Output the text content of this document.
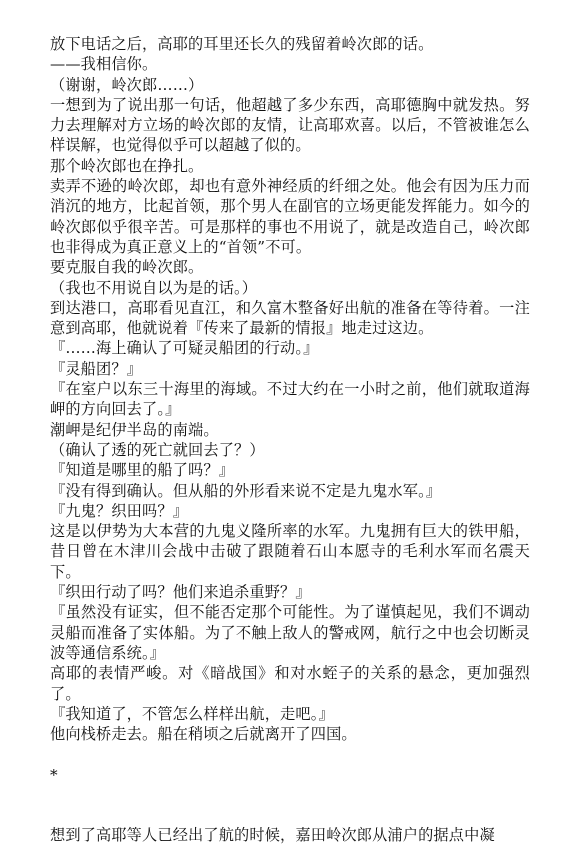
放下电话之后，高耶的耳里还长久的残留着岭次郎的话。

——我相信你。

（谢谢，岭次郎……）

一想到为了说出那一句话，他超越了多少东西，高耶德胸中就发热。努力去理解对方立场的岭次郎的友情，让高耶欢喜。以后，不管被谁怎么样误解，也觉得似乎可以超越了似的。

那个岭次郎也在挣扎。

卖弄不逊的岭次郎，却也有意外神经质的纤细之处。他会有因为压力而消沉的地方，比起首领，那个男人在副官的立场更能发挥能力。如今的岭次郎似乎很辛苦。可是那样的事也不用说了，就是改造自己，岭次郎也非得成为真正意义上的“首领”不可。

要克服自我的岭次郎。

（我也不用说自以为是的话。）

到达港口，高耶看见直江，和久富木整备好出航的准备在等待着。一注意到高耶，他就说着『传来了最新的情报』地走过这边。

『……海上确认了可疑灵船团的行动。』

『灵船团？』

『在室户以东三十海里的海域。不过大约在一小时之前，他们就取道海岬的方向回去了。』

潮岬是纪伊半岛的南端。

（确认了透的死亡就回去了？）

『知道是哪里的船了吗？』

『没有得到确认。但从船的外形看来说不定是九鬼水军。』

『九鬼？织田吗？』

这是以伊势为大本营的九鬼义隆所率的水军。九鬼拥有巨大的铁甲船，昔日曾在木津川会战中击破了跟随着石山本愿寺的毛利水军而名震天下。

『织田行动了吗？他们来追杀重野？』

『虽然没有证实，但不能否定那个可能性。为了谨慎起见，我们不调动灵船而准备了实体船。为了不触上敌人的警戒网，航行之中也会切断灵波等通信系统。』

高耶的表情严峻。对《暗战国》和对水蛭子的关系的悬念，更加强烈了。

『我知道了，不管怎么样样出航，走吧。』

他向栈桥走去。船在稍顷之后就离开了四国。

*

想到了高耶等人已经出了航的时候，嘉田岭次郎从浦户的据点中凝
